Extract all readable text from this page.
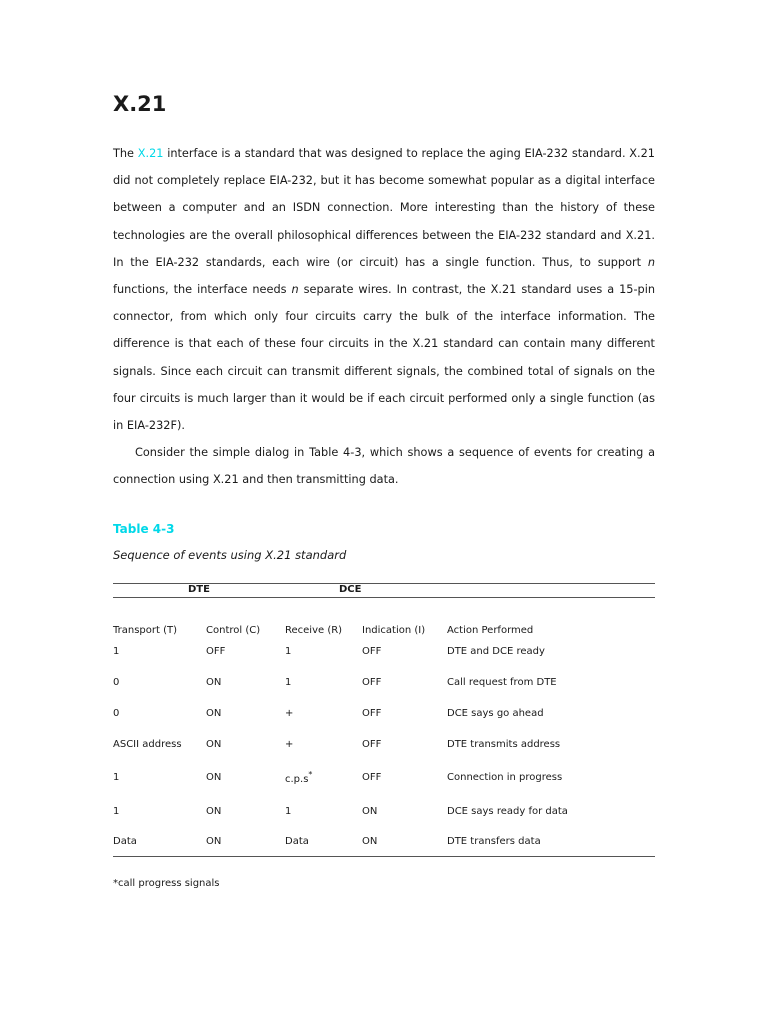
X.21

The X.21 interface is a standard that was designed to replace the aging EIA-232 standard. X.21 did not completely replace EIA-232, but it has become somewhat popular as a digital interface between a computer and an ISDN connection. More interesting than the history of these technologies are the overall philosophical differences between the EIA-232 standard and X.21. In the EIA-232 standards, each wire (or circuit) has a single function. Thus, to support n functions, the interface needs n separate wires. In contrast, the X.21 standard uses a 15-pin connector, from which only four circuits carry the bulk of the interface information. The difference is that each of these four circuits in the X.21 standard can contain many different signals. Since each circuit can transmit different signals, the combined total of signals on the four circuits is much larger than it would be if each circuit performed only a single function (as in EIA-232F).

Consider the simple dialog in Table 4-3, which shows a sequence of events for creating a connection using X.21 and then transmitting data.

Table 4-3
Sequence of events using X.21 standard
DTE		DCE		
Transport (T)	Control (C)	Receive (R)	Indication (I)	Action Performed
1	OFF	1	OFF	DTE and DCE ready
0	ON	1	OFF	Call request from DTE
0	ON	+	OFF	DCE says go ahead
ASCII address	ON	+	OFF	DTE transmits address
1	ON	c.p.s*	OFF	Connection in progress
1	ON	1	ON	DCE says ready for data
Data	ON	Data	ON	DTE transfers data
*call progress signals
